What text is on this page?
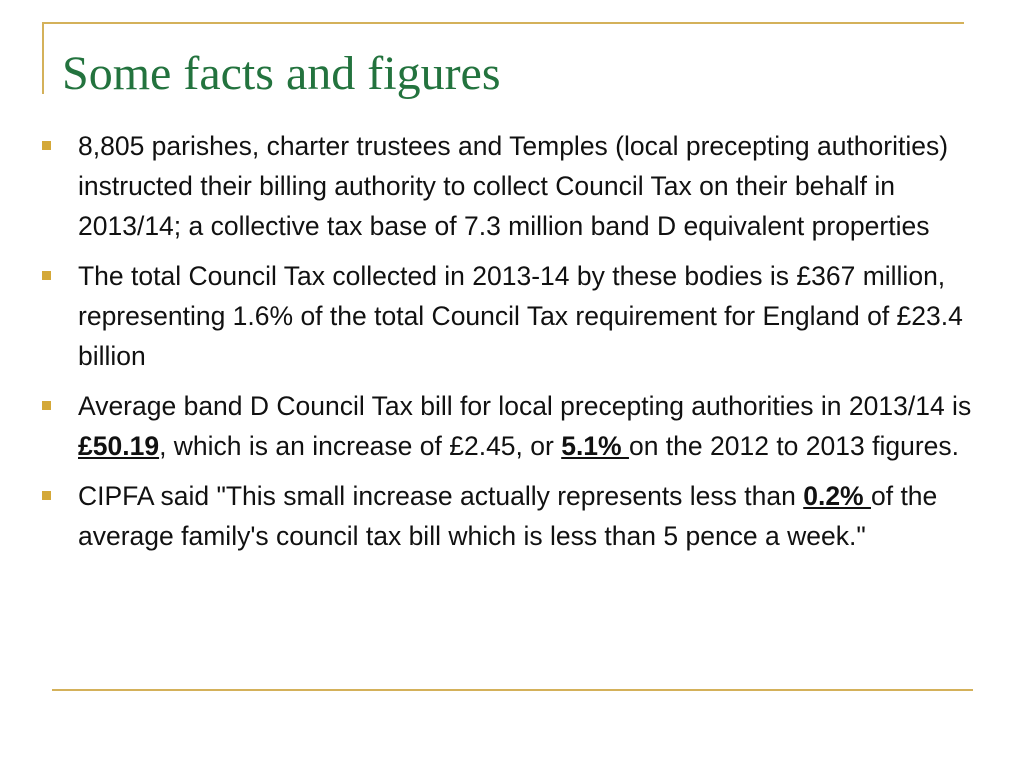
Some facts and figures
8,805 parishes, charter trustees and Temples (local precepting authorities) instructed their billing authority to collect Council Tax on their behalf in 2013/14; a collective tax base of 7.3 million band D equivalent properties
The total Council Tax collected in 2013-14 by these bodies is £367 million, representing 1.6% of the total Council Tax requirement for England of £23.4 billion
Average band D Council Tax bill for local precepting authorities in 2013/14 is £50.19, which is an increase of £2.45, or 5.1% on the 2012 to 2013 figures.
CIPFA said "This small increase actually represents less than 0.2% of the average family's council tax bill which is less than 5 pence a week."
